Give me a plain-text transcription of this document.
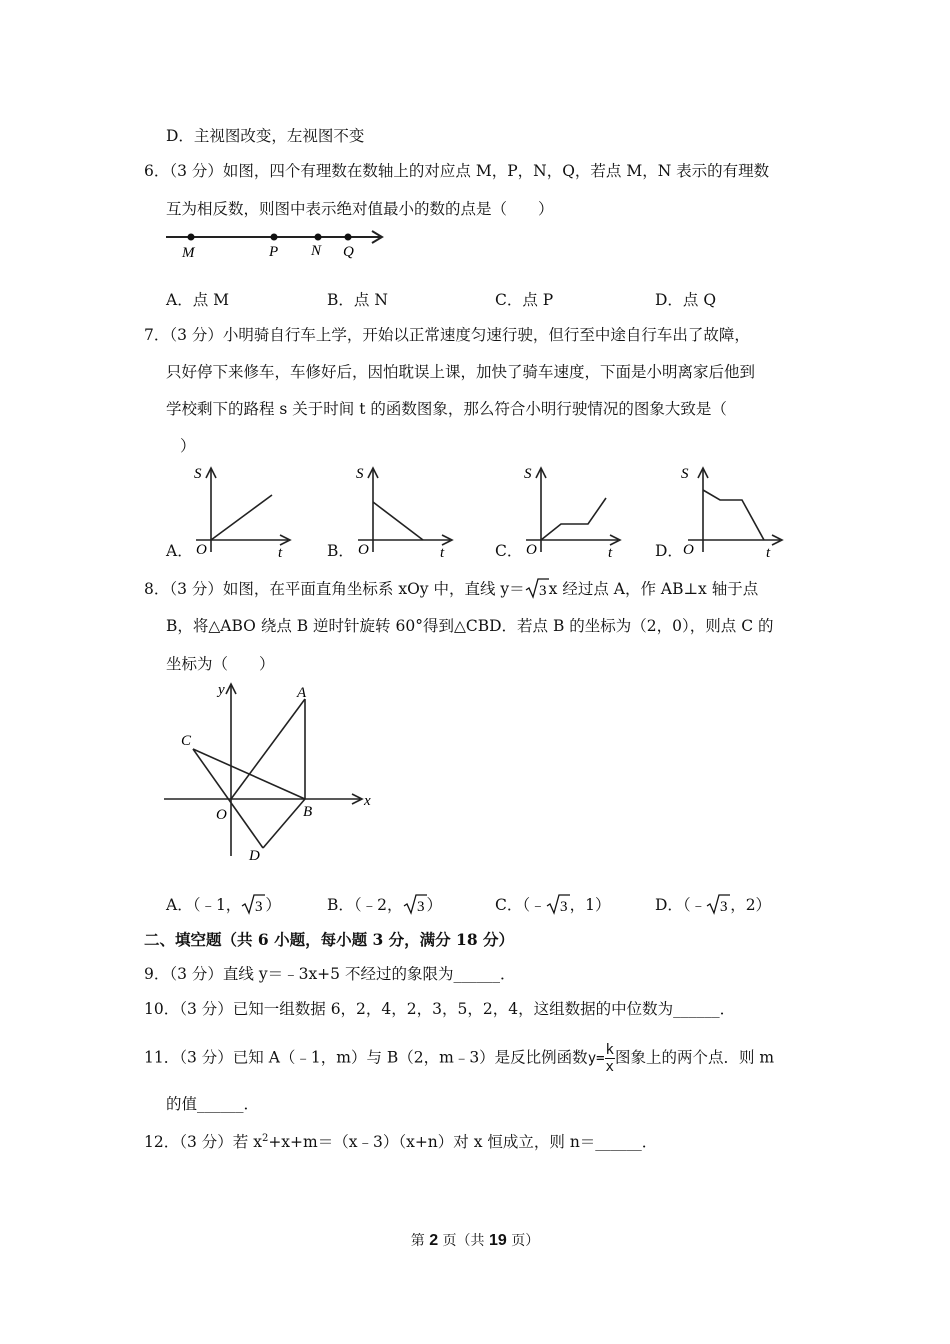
D．主视图改变，左视图不变
6．（3 分）如图，四个有理数在数轴上的对应点 M，P，N，Q，若点 M，N 表示的有理数
互为相反数，则图中表示绝对值最小的数的点是（　　）
M	P N Q
A．点 M	B．点 N	C．点 P	D．点 Q
7．（3 分）小明骑自行车上学，开始以正常速度匀速行驶，但行至中途自行车出了故障，
只好停下来修车，车修好后，因怕耽误上课，加快了骑车速度，下面是小明离家后他到
学校剩下的路程 s 关于时间 t 的函数图象，那么符合小明行驶情况的图象大致是（
）
A．	B．	C．	D．
S
O	t
S
O	t
S
O	t
S
O	t
8．（3 分）如图，在平面直角坐标系 xOy 中，直线 y＝ 3 x 经过点 A，作 AB⊥x 轴于点
B，将△ABO 绕点 B 逆时针旋转 60°得到△CBD．若点 B 的坐标为（2，0），则点 C 的
坐标为（　　）
y
x
A
B
C
D
O
A．（﹣1， 3 ）	B．（﹣2， 3 ）	C．（﹣ 3 ，1）	D．（﹣ 3 ，2）
二、填空题（共 6 小题，每小题 3 分，满分 18 分）
9．（3 分）直线 y＝﹣3x+5 不经过的象限为______．
10．（3 分）已知一组数据 6，2，4，2，3，5，2，4，这组数据的中位数为______．
11．（3 分）已知 A（﹣1，m）与 B（2，m﹣3）是反比例函数$y= \frac{k}{x}$ 图象上的两个点．则 m
的值______．
12．（3 分）若 $x^2+x+m=(x﹣3)(x+n)$对 x 恒成立，则 n＝______．
第 2 页（共 19 页）
